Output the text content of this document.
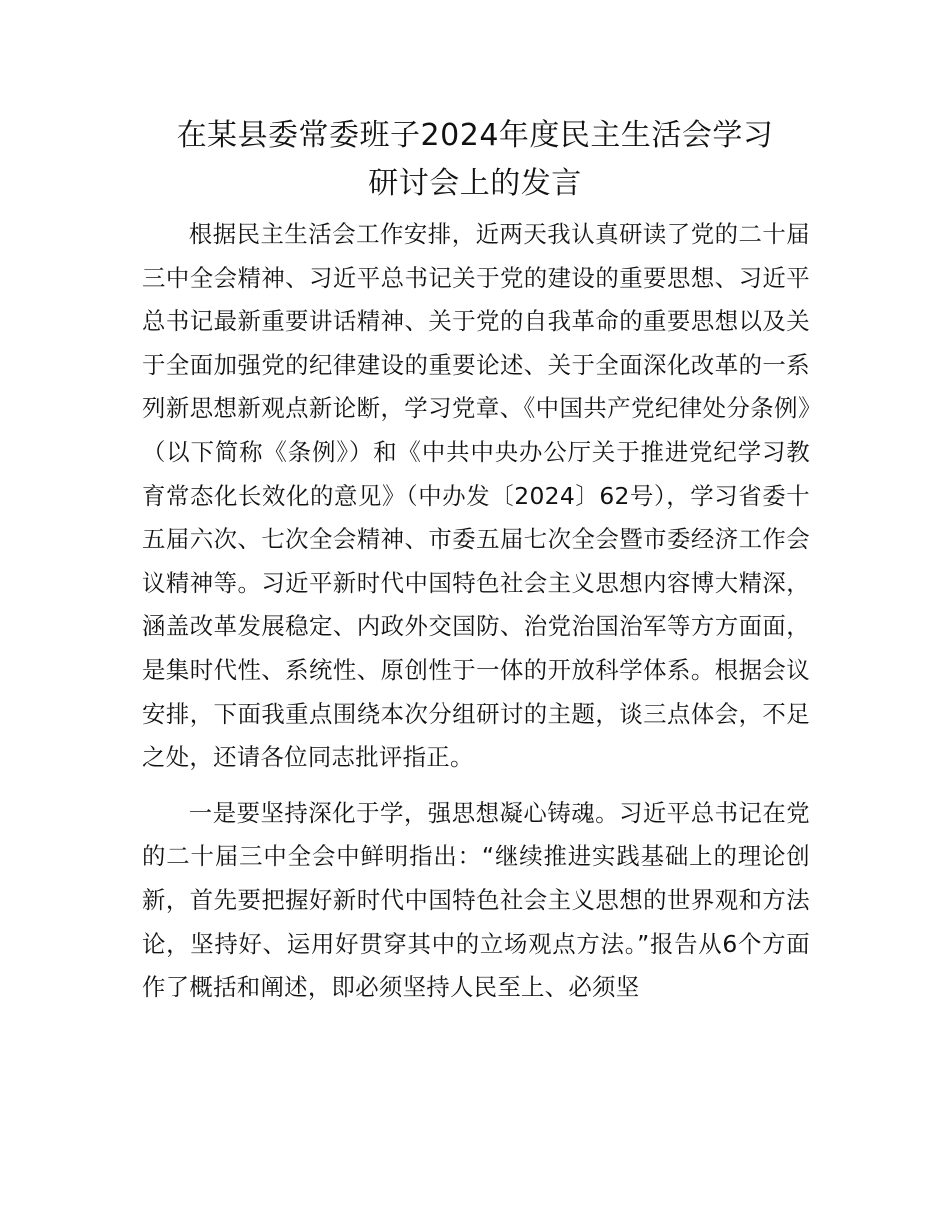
在某县委常委班子2024年度民主生活会学习
研讨会上的发言

根据民主生活会工作安排，近两天我认真研读了党的二十届三中全会精神、习近平总书记关于党的建设的重要思想、习近平总书记最新重要讲话精神、关于党的自我革命的重要思想以及关于全面加强党的纪律建设的重要论述、关于全面深化改革的一系列新思想新观点新论断，学习党章、《中国共产党纪律处分条例》（以下简称《条例》）和《中共中央办公厅关于推进党纪学习教育常态化长效化的意见》（中办发〔2024〕62号），学习省委十五届六次、七次全会精神、市委五届七次全会暨市委经济工作会议精神等。习近平新时代中国特色社会主义思想内容博大精深，涵盖改革发展稳定、内政外交国防、治党治国治军等方方面面，是集时代性、系统性、原创性于一体的开放科学体系。根据会议安排，下面我重点围绕本次分组研讨的主题，谈三点体会，不足之处，还请各位同志批评指正。

一是要坚持深化于学，强思想凝心铸魂。习近平总书记在党的二十届三中全会中鲜明指出：“继续推进实践基础上的理论创新，首先要把握好新时代中国特色社会主义思想的世界观和方法论，坚持好、运用好贯穿其中的立场观点方法。”报告从6个方面作了概括和阐述，即必须坚持人民至上、必须坚
